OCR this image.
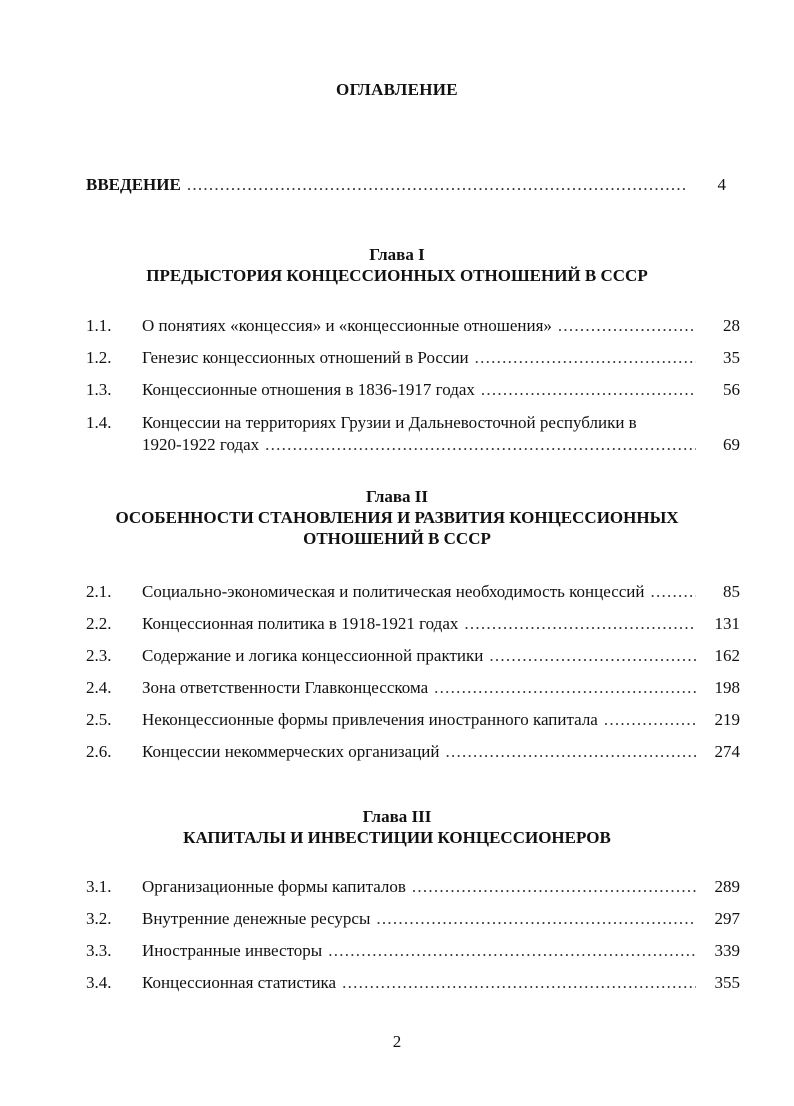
ОГЛАВЛЕНИЕ
ВВЕДЕНИЕ . . .	4
Глава I
ПРЕДЫСТОРИЯ КОНЦЕССИОННЫХ ОТНОШЕНИЙ В СССР
1.1.	О понятиях «концессия» и «концессионные отношения» . . .	28
1.2.	Генезис концессионных отношений в России . . .	35
1.3.	Концессионные отношения в 1836-1917 годах . . .	56
1.4.	Концессии на территориях Грузии и Дальневосточной республики в
1920-1922 годах . . .	69
Глава II
ОСОБЕННОСТИ СТАНОВЛЕНИЯ И РАЗВИТИЯ КОНЦЕССИОННЫХ
ОТНОШЕНИЙ В СССР
2.1.	Социально-экономическая и политическая необходимость концессий . . .	85
2.2.	Концессионная политика в 1918-1921 годах . . .	131
2.3.	Содержание и логика концессионной практики . . .	162
2.4.	Зона ответственности Главконцесскома . . .	198
2.5.	Неконцессионные формы привлечения иностранного капитала . . .	219
2.6.	Концессии некоммерческих организаций . . .	274
Глава III
КАПИТАЛЫ И ИНВЕСТИЦИИ КОНЦЕССИОНЕРОВ
3.1.	Организационные формы капиталов . . .	289
3.2.	Внутренние денежные ресурсы . . .	297
3.3.	Иностранные инвесторы . . .	339
3.4.	Концессионная статистика . . .	355
2
